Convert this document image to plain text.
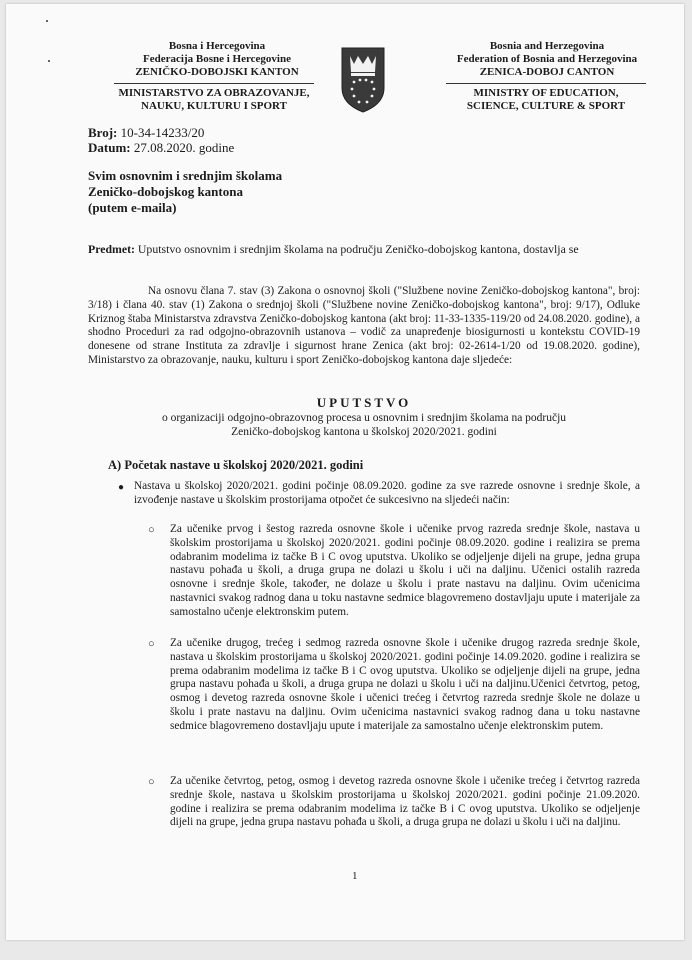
Bosna i Hercegovina
Federacija Bosne i Hercegovine
ZENIČKO-DOBOJSKI KANTON
MINISTARSTVO ZA OBRAZOVANJE,
NAUKU, KULTURU I SPORT
Bosnia and Herzegovina
Federation of Bosnia and Herzegovina
ZENICA-DOBOJ CANTON
MINISTRY OF EDUCATION,
SCIENCE, CULTURE & SPORT
Broj: 10-34-14233/20
Datum: 27.08.2020. godine
Svim osnovnim i srednjim školama
Zeničko-dobojskog kantona
(putem e-maila)
Predmet: Uputstvo osnovnim i srednjim školama na području Zeničko-dobojskog kantona, dostavlja se
Na osnovu člana 7. stav (3) Zakona o osnovnoj školi ("Službene novine Zeničko-dobojskog kantona", broj: 3/18) i člana 40. stav (1) Zakona o srednjoj školi ("Službene novine Zeničko-dobojskog kantona", broj: 9/17), Odluke Kriznog štaba Ministarstva zdravstva Zeničko-dobojskog kantona (akt broj: 11-33-1335-119/20 od 24.08.2020. godine), a shodno Proceduri za rad odgojno-obrazovnih ustanova – vodič za unapređenje biosigurnosti u kontekstu COVID-19 donesene od strane Instituta za zdravlje i sigurnost hrane Zenica (akt broj: 02-2614-1/20 od 19.08.2020. godine), Ministarstvo za obrazovanje, nauku, kulturu i sport Zeničko-dobojskog kantona daje sljedeće:
UPUTSTVO
o organizaciji odgojno-obrazovnog procesa u osnovnim i srednjim školama na području
Zeničko-dobojskog kantona u školskoj 2020/2021. godini
A) Početak nastave u školskoj 2020/2021. godini
● Nastava u školskoj 2020/2021. godini počinje 08.09.2020. godine za sve razrede osnovne i srednje škole, a izvođenje nastave u školskim prostorijama otpočet će sukcesivno na sljedeći način:
○ Za učenike prvog i šestog razreda osnovne škole i učenike prvog razreda srednje škole, nastava u školskim prostorijama u školskoj 2020/2021. godini počinje 08.09.2020. godine i realizira se prema odabranim modelima iz tačke B i C ovog uputstva. Ukoliko se odjeljenje dijeli na grupe, jedna grupa nastavu pohađa u školi, a druga grupa ne dolazi u školu i uči na daljinu. Učenici ostalih razreda osnovne i srednje škole, također, ne dolaze u školu i prate nastavu na daljinu. Ovim učenicima nastavnici svakog radnog dana u toku nastavne sedmice blagovremeno dostavljaju upute i materijale za samostalno učenje elektronskim putem.
○ Za učenike drugog, trećeg i sedmog razreda osnovne škole i učenike drugog razreda srednje škole, nastava u školskim prostorijama u školskoj 2020/2021. godini počinje 14.09.2020. godine i realizira se prema odabranim modelima iz tačke B i C ovog uputstva. Ukoliko se odjeljenje dijeli na grupe, jedna grupa nastavu pohađa u školi, a druga grupa ne dolazi u školu i uči na daljinu.Učenici četvrtog, petog, osmog i devetog razreda osnovne škole i učenici trećeg i četvrtog razreda srednje škole ne dolaze u školu i prate nastavu na daljinu. Ovim učenicima nastavnici svakog radnog dana u toku nastavne sedmice blagovremeno dostavljaju upute i materijale za samostalno učenje elektronskim putem.
○ Za učenike četvrtog, petog, osmog i devetog razreda osnovne škole i učenike trećeg i četvrtog razreda srednje škole, nastava u školskim prostorijama u školskoj 2020/2021. godini počinje 21.09.2020. godine i realizira se prema odabranim modelima iz tačke B i C ovog uputstva. Ukoliko se odjeljenje dijeli na grupe, jedna grupa nastavu pohađa u školi, a druga grupa ne dolazi u školu i uči na daljinu.
1
